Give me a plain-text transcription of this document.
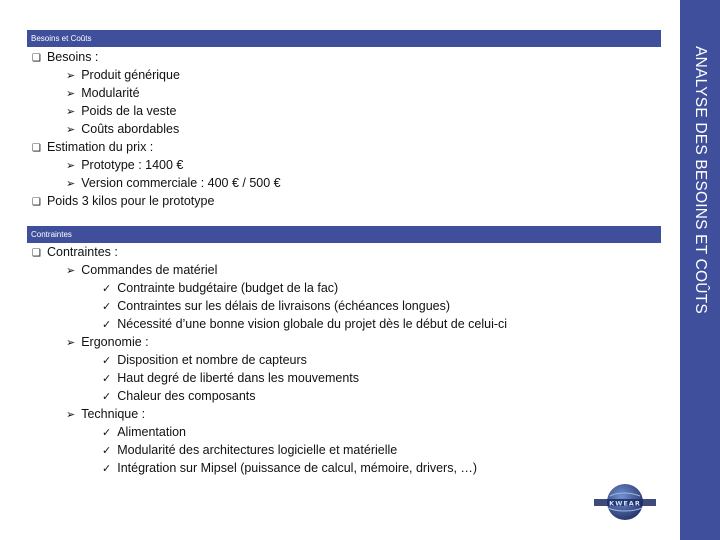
ANALYSE DES BESOINS ET COÛTS
Besoins et Coûts
❑ Besoins :
➢ Produit générique
➢ Modularité
➢ Poids de la veste
➢ Coûts abordables
❑ Estimation du prix :
➢ Prototype : 1400 €
➢ Version commerciale : 400 € / 500 €
❑ Poids 3 kilos pour le prototype
Contraintes
❑ Contraintes :
➢ Commandes de matériel
✓ Contrainte budgétaire (budget de la fac)
✓ Contraintes sur les délais de livraisons (échéances longues)
✓ Nécessité d’une bonne vision globale du projet dès le début de celui-ci
➢ Ergonomie :
✓ Disposition et nombre de capteurs
✓ Haut degré de liberté dans les mouvements
✓ Chaleur des composants
➢ Technique :
✓ Alimentation
✓ Modularité des architectures logicielle et matérielle
✓ Intégration sur Mipsel (puissance de calcul, mémoire, drivers, …)
KWEAR
